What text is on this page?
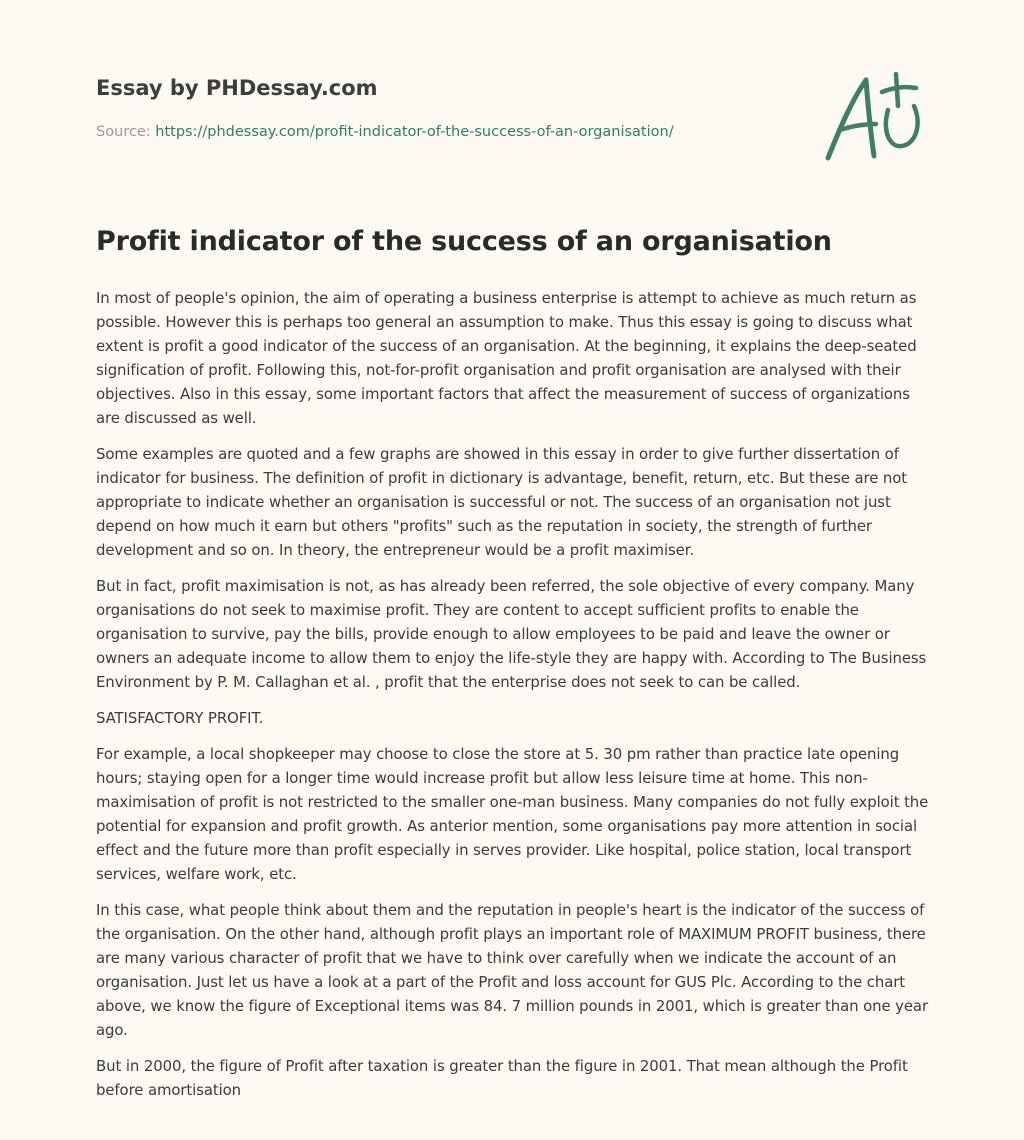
Essay by PHDessay.com

Source: https://phdessay.com/profit-indicator-of-the-success-of-an-organisation/

Profit indicator of the success of an organisation

In most of people's opinion, the aim of operating a business enterprise is attempt to achieve as much return as possible. However this is perhaps too general an assumption to make. Thus this essay is going to discuss what extent is profit a good indicator of the success of an organisation. At the beginning, it explains the deep-seated signification of profit. Following this, not-for-profit organisation and profit organisation are analysed with their objectives. Also in this essay, some important factors that affect the measurement of success of organizations are discussed as well.

Some examples are quoted and a few graphs are showed in this essay in order to give further dissertation of indicator for business. The definition of profit in dictionary is advantage, benefit, return, etc. But these are not appropriate to indicate whether an organisation is successful or not. The success of an organisation not just depend on how much it earn but others "profits" such as the reputation in society, the strength of further development and so on. In theory, the entrepreneur would be a profit maximiser.

But in fact, profit maximisation is not, as has already been referred, the sole objective of every company. Many organisations do not seek to maximise profit. They are content to accept sufficient profits to enable the organisation to survive, pay the bills, provide enough to allow employees to be paid and leave the owner or owners an adequate income to allow them to enjoy the life-style they are happy with. According to The Business Environment by P. M. Callaghan et al. , profit that the enterprise does not seek to can be called.

SATISFACTORY PROFIT.

For example, a local shopkeeper may choose to close the store at 5. 30 pm rather than practice late opening hours; staying open for a longer time would increase profit but allow less leisure time at home. This non-maximisation of profit is not restricted to the smaller one-man business. Many companies do not fully exploit the potential for expansion and profit growth. As anterior mention, some organisations pay more attention in social effect and the future more than profit especially in serves provider. Like hospital, police station, local transport services, welfare work, etc.

In this case, what people think about them and the reputation in people's heart is the indicator of the success of the organisation. On the other hand, although profit plays an important role of MAXIMUM PROFIT business, there are many various character of profit that we have to think over carefully when we indicate the account of an organisation. Just let us have a look at a part of the Profit and loss account for GUS Plc. According to the chart above, we know the figure of Exceptional items was 84. 7 million pounds in 2001, which is greater than one year ago.

But in 2000, the figure of Profit after taxation is greater than the figure in 2001. That mean although the Profit before amortisation
